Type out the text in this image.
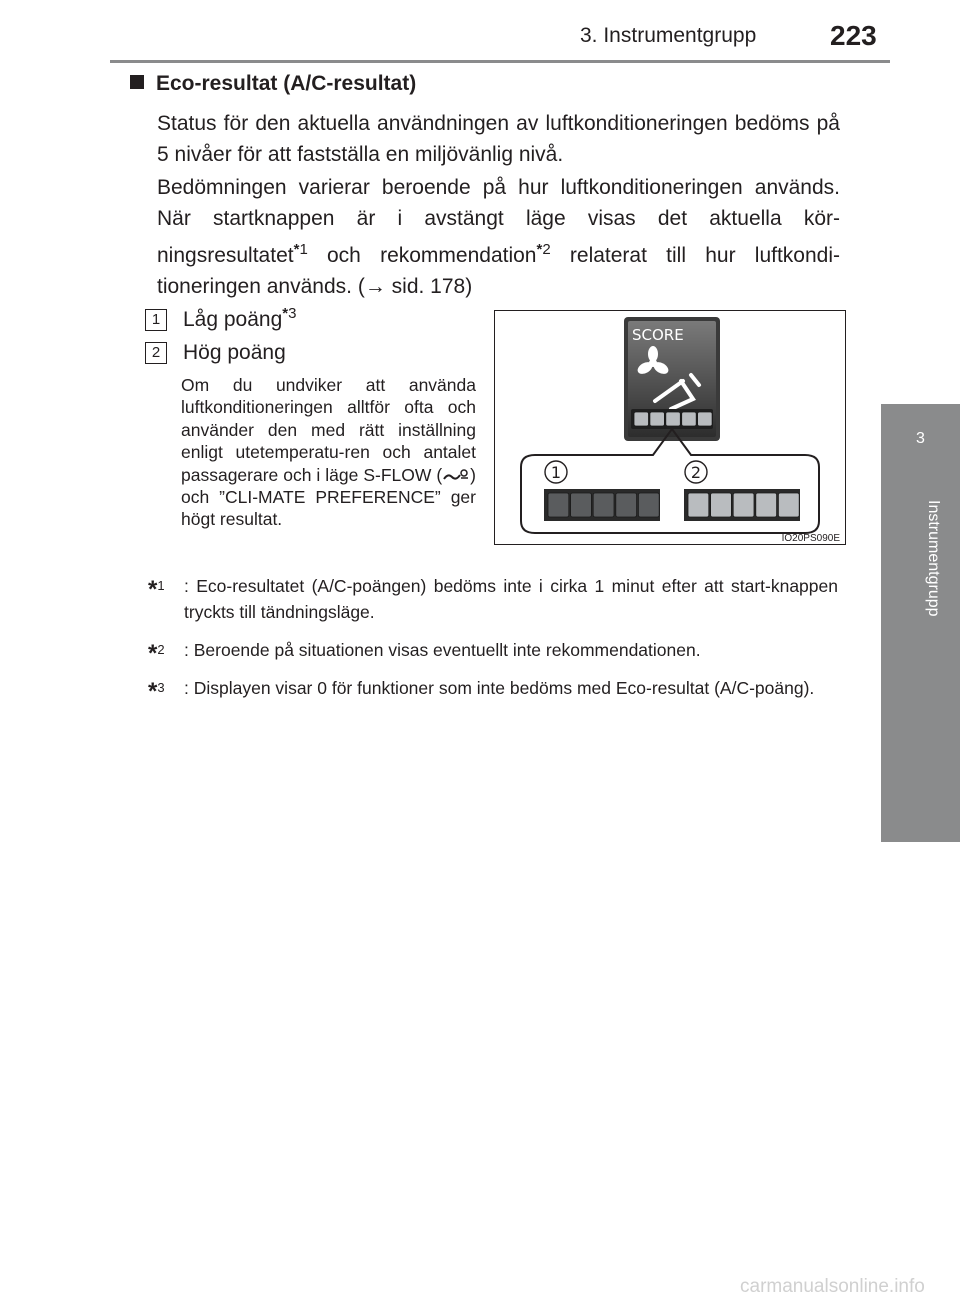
3. Instrumentgrupp	223
3
Instrumentgrupp
Eco-resultat (A/C-resultat)
Status för den aktuella användningen av luftkonditioneringen bedöms på 5 nivåer för att fastställa en miljövänlig nivå.
Bedömningen varierar beroende på hur luftkonditioneringen används. När startknappen är i avstängt läge visas det aktuella kör-ningsresultatet$^{*1}$ och rekommendation$^{*2}$ relaterat till hur luftkondi-tioneringen används. (→ sid. 178)
1 Låg poäng$^{*3}$
2 Hög poäng
Om du undviker att använda luftkonditioneringen alltför ofta och använder den med rätt inställning enligt utetemperatu-ren och antalet passagerare och i läge S-FLOW ( ) och ”CLI-MATE PREFERENCE” ger högt resultat.
SCORE
1	2
IO20PS090E
*$^1$ : Eco-resultatet (A/C-poängen) bedöms inte i cirka 1 minut efter att start-knappen tryckts till tändningsläge.
*$^2$ : Beroende på situationen visas eventuellt inte rekommendationen.
*$^3$ : Displayen visar 0 för funktioner som inte bedöms med Eco-resultat (A/C-poäng).
carmanualsonline.info
